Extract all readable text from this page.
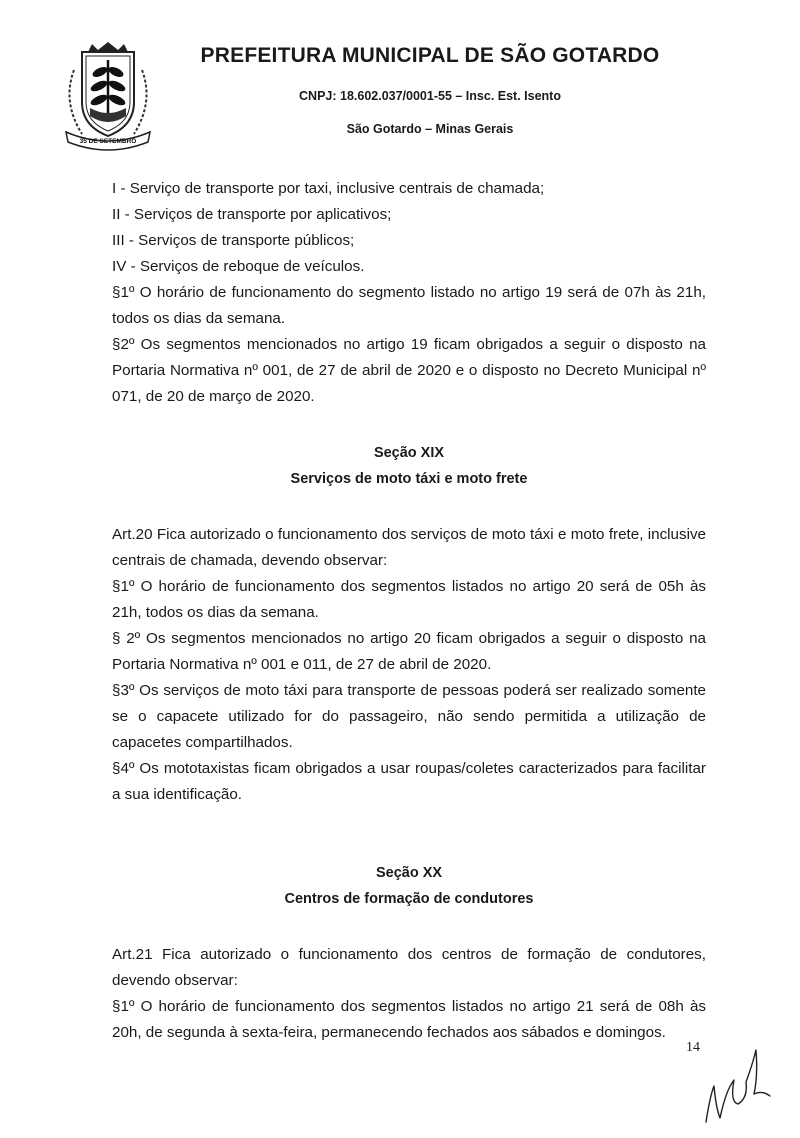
35 DE SETEMBRO
PREFEITURA MUNICIPAL DE SÃO GOTARDO
CNPJ: 18.602.037/0001-55 – Insc. Est. Isento
São Gotardo – Minas Gerais

I - Serviço de transporte por taxi, inclusive centrais de chamada;

II - Serviços de transporte por aplicativos;

III - Serviços de transporte públicos;

IV - Serviços de reboque de veículos.

§1º O horário de funcionamento do segmento listado no artigo 19 será de 07h às 21h, todos os dias da semana.

§2º Os segmentos mencionados no artigo 19 ficam obrigados a seguir o disposto na Portaria Normativa nº 001, de 27 de abril de 2020 e o disposto no Decreto Municipal nº 071, de 20 de março de 2020.

Seção XIX
Serviços de moto táxi e moto frete

Art.20 Fica autorizado o funcionamento dos serviços de moto táxi e moto frete, inclusive centrais de chamada, devendo observar:

§1º O horário de funcionamento dos segmentos listados no artigo 20 será de 05h às 21h, todos os dias da semana.

§ 2º Os segmentos mencionados no artigo 20 ficam obrigados a seguir o disposto na Portaria Normativa nº 001 e 011, de 27 de abril de 2020.

§3º Os serviços de moto táxi para transporte de pessoas poderá ser realizado somente se o capacete utilizado for do passageiro, não sendo permitida a utilização de capacetes compartilhados.

§4º Os mototaxistas ficam obrigados a usar roupas/coletes caracterizados para facilitar a sua identificação.

Seção XX
Centros de formação de condutores

Art.21 Fica autorizado o funcionamento dos centros de formação de condutores, devendo observar:

§1º O horário de funcionamento dos segmentos listados no artigo 21 será de 08h às 20h, de segunda à sexta-feira, permanecendo fechados aos sábados e domingos.

14
